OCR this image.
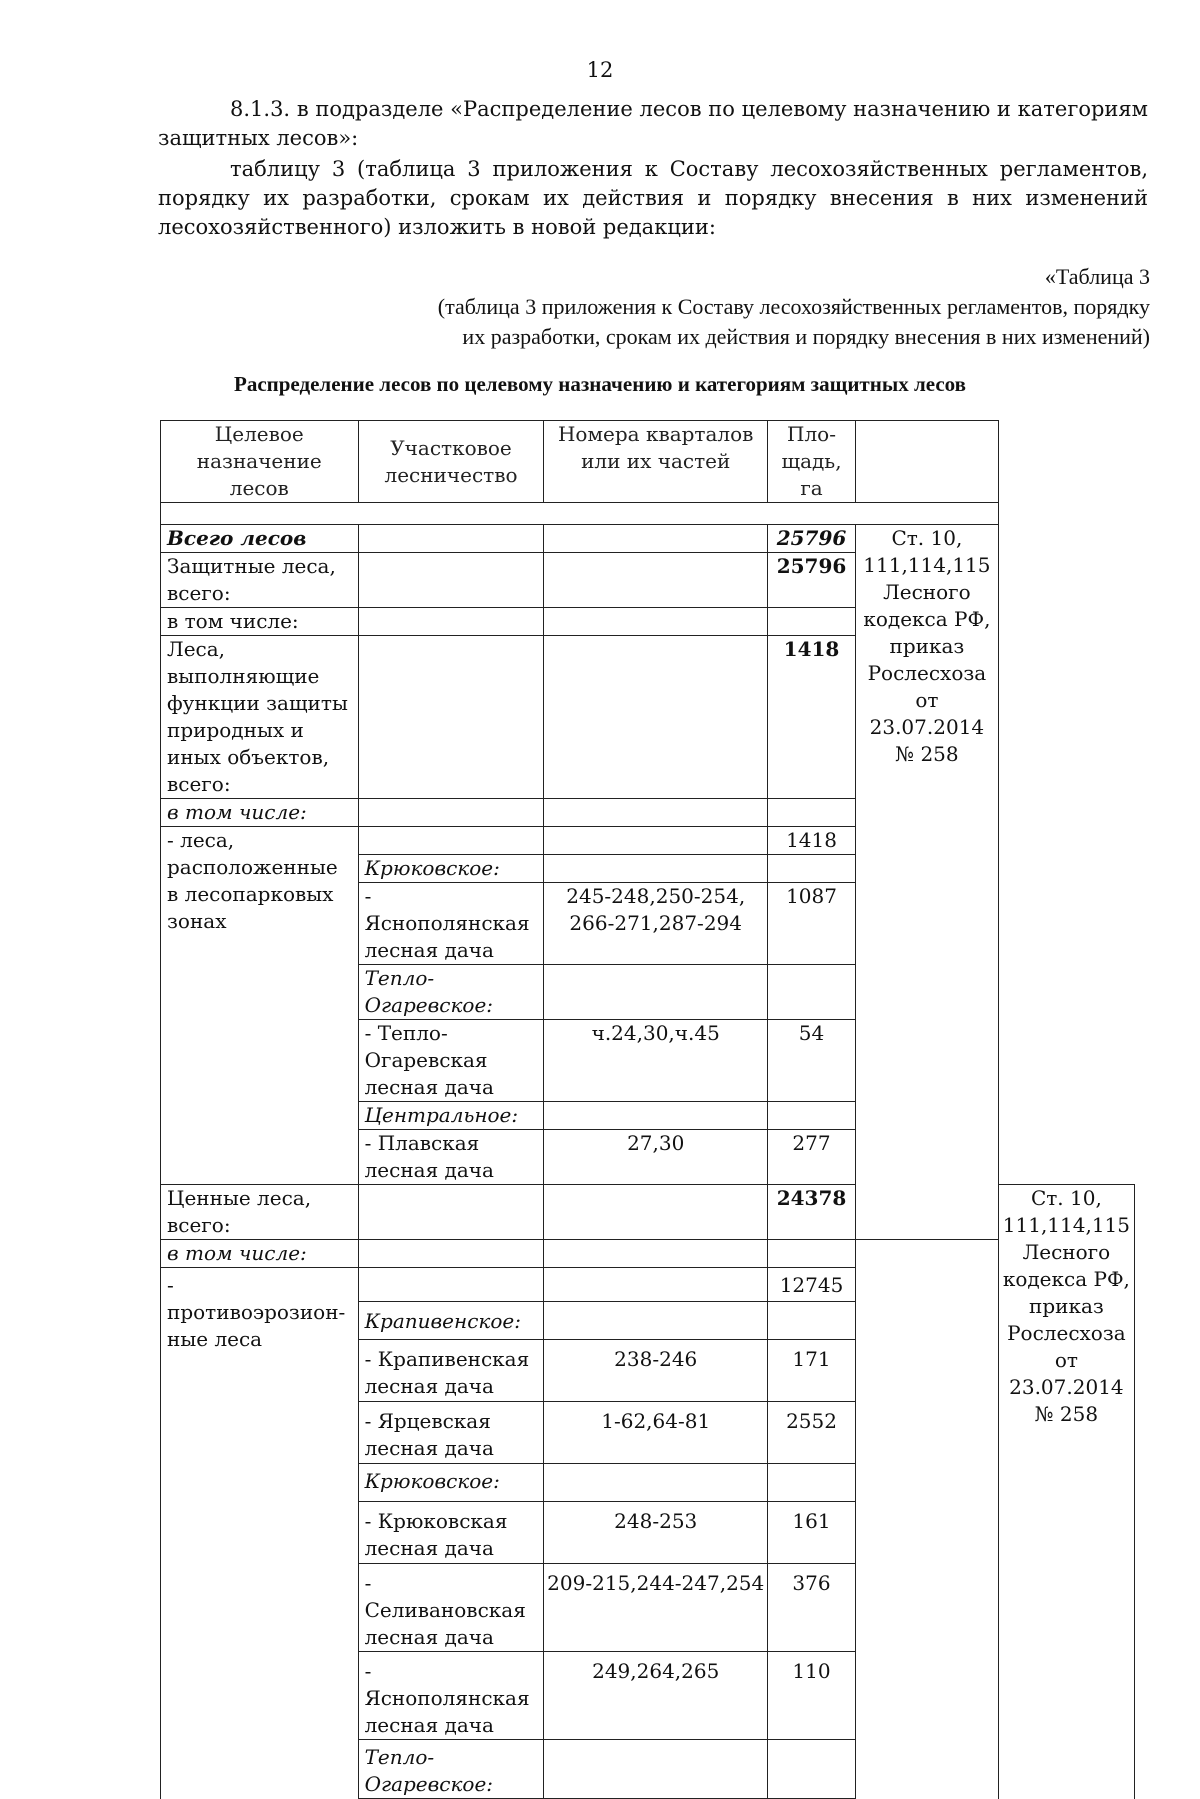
12
8.1.3. в подразделе «Распределение лесов по целевому назначению и категориям защитных лесов»:
таблицу 3 (таблица 3 приложения к Составу лесохозяйственных регламентов, порядку их разработки, срокам их действия и порядку внесения в них изменений лесохозяйственного) изложить в новой редакции:
«Таблица 3
(таблица 3 приложения к Составу лесохозяйственных регламентов, порядку
их разработки, срокам их действия и порядку внесения в них изменений)
Распределение лесов по целевому назначению и категориям защитных лесов
Целевое назначение лесов	Участковое лесничество	Номера кварталов или их частей	Пло-щадь, га		

Всего лесов			25796	Ст. 10, 111,114,115 Лесного кодекса РФ, приказ Рослесхоза от 23.07.2014 № 258	
Защитные леса, всего:			25796		
в том числе:					
Леса, выполняющие функции защиты природных и иных объектов, всего:			1418		
в том числе:					
- леса, расположенные в лесопарковых зонах			1418		
	Крюковское:				
	- Яснополянская лесная дача	245-248,250-254, 266-271,287-294	1087		
	Тепло-Огаревское:				
	- Тепло-Огаревская лесная дача	ч.24,30,ч.45	54		
	Центральное:				
	- Плавская лесная дача	27,30	277		
Ценные леса, всего:			24378		Ст. 10, 111,114,115 Лесного кодекса РФ, приказ Рослесхоза от 23.07.2014 № 258
в том числе:					
- противоэрозион-ные леса			12745		
	Крапивенское:				
	- Крапивенская лесная дача	238-246	171		
	- Ярцевская лесная дача	1-62,64-81	2552		
	Крюковское:				
	- Крюковская лесная дача	248-253	161		
	- Селивановская лесная дача	209-215,244-247,254	376		
	- Яснополянская лесная дача	249,264,265	110		
	Тепло-Огаревское:				
